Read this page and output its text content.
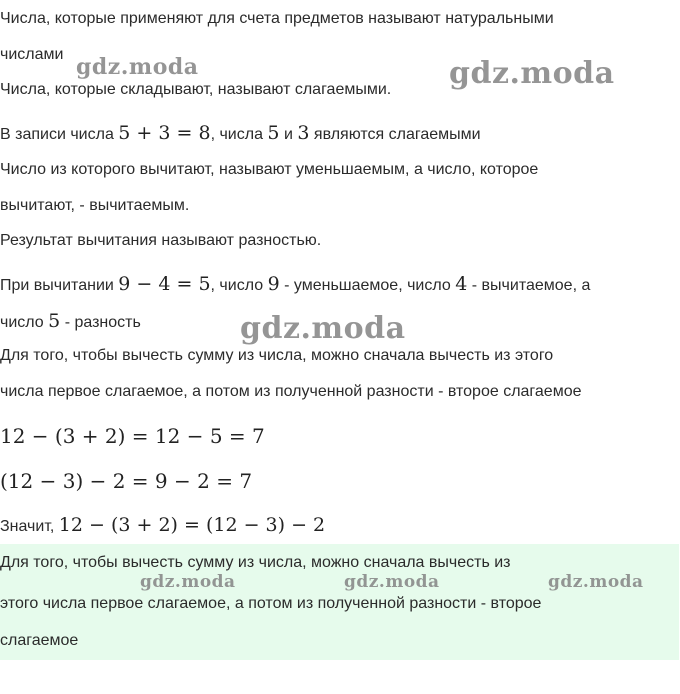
Числа, которые применяют для счета предметов называют натуральными
числами
Числа, которые складывают, называют слагаемыми.
В записи числа 5 + 3 = 8, числа 5 и 3 являются слагаемыми
Число из которого вычитают, называют уменьшаемым, а число, которое
вычитают, - вычитаемым.
Результат вычитания называют разностью.
При вычитании 9 − 4 = 5, число 9 - уменьшаемое, число 4 - вычитаемое, а
число 5 - разность
Для того, чтобы вычесть сумму из числа, можно сначала вычесть из этого
числа первое слагаемое, а потом из полученной разности - второе слагаемое
12 − (3 + 2) = 12 − 5 = 7
(12 − 3) − 2 = 9 − 2 = 7
Значит, 12 − (3 + 2) = (12 − 3) − 2
Для того, чтобы вычесть сумму из числа, можно сначала вычесть из
этого числа первое слагаемое, а потом из полученной разности - второе
слагаемое
gdz.moda	gdz.moda
gdz.moda
gdz.moda	gdz.moda	gdz.moda
